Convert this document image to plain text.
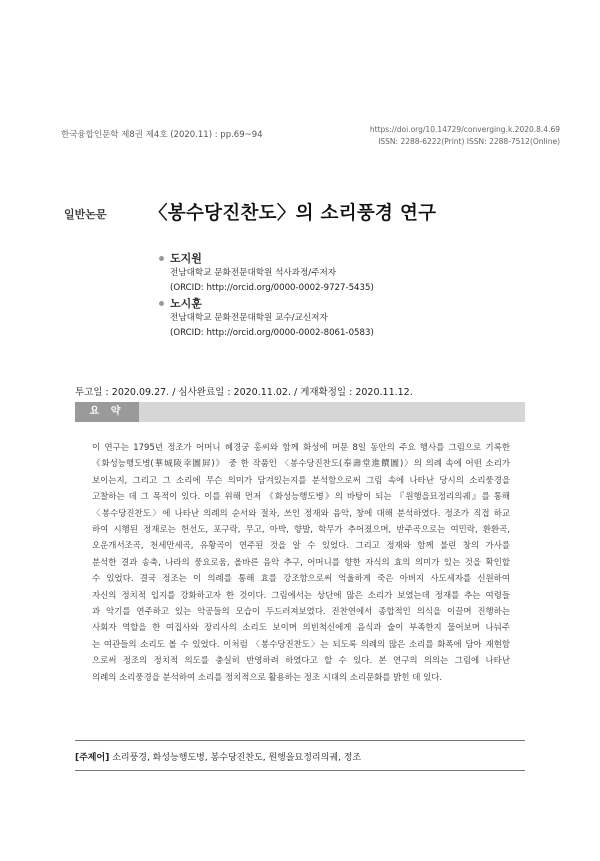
한국융합인문학 제8권 제4호 (2020.11) : pp.69~94
https://doi.org/10.14729/converging.k.2020.8.4.69
ISSN: 2288-6222(Print) ISSN: 2288-7512(Online)
일반논문 〈봉수당진찬도〉의 소리풍경 연구
도지원
전남대학교 문화전문대학원 석사과정/주저자
(ORCID: http://orcid.org/0000-0002-9727-5435)
노시훈
전남대학교 문화전문대학원 교수/교신저자
(ORCID: http://orcid.org/0000-0002-8061-0583)
투고일 : 2020.09.27. / 심사완료일 : 2020.11.02. / 게재확정일 : 2020.11.12.
요 약
이 연구는 1795년 정조가 어머니 혜경궁 홍씨와 함께 화성에 머문 8일 동안의 주요 행사를 그림으로 기록한
《화성능행도병(華城陵幸圖屛)》 중 한 작품인 〈봉수당진찬도(奉壽堂進饌圖)〉의 의례 속에 어떤 소리가
보이는지, 그리고 그 소리에 무슨 의미가 담겨있는지를 분석함으로써 그림 속에 나타난 당시의 소리풍경을
고찰하는 데 그 목적이 있다. 이를 위해 먼저 《화성능행도병》의 바탕이 되는 『원행을묘정리의궤』를 통해
〈봉수당진찬도〉에 나타난 의례의 순서와 절차, 쓰인 정재와 음악, 창에 대해 분석하였다. 정조가 직접 하교
하여 시행된 정재로는 헌선도, 포구락, 무고, 아박, 향발, 학무가 추어졌으며, 반주곡으로는 여민락, 환환곡,
오운개서조곡, 천세만세곡, 유황곡이 연주된 것을 알 수 있었다. 그리고 정재와 함께 불린 창의 가사를
분석한 결과 송축, 나라의 풍요로움, 올바른 음악 추구, 어머니를 향한 자식의 효의 의미가 있는 것을 확인할
수 있었다. 결국 정조는 이 의례를 통해 효를 강조함으로써 억울하게 죽은 아버지 사도세자를 신원하여
자신의 정치적 입지를 강화하고자 한 것이다. 그림에서는 상단에 많은 소리가 보였는데 정재를 추는 여령들
과 악기를 연주하고 있는 악공들의 모습이 두드러져보였다. 진찬연에서 종합적인 의식을 이끌며 진행하는
사회자 역할을 한 여집사와 장리사의 소리도 보이며 의빈척신에게 음식과 술이 부족한지 물어보며 나눠주
는 여관들의 소리도 볼 수 있었다. 이처럼 〈봉수당진찬도〉는 되도록 의례의 많은 소리를 화폭에 담아 재현함
으로써 정조의 정치적 의도를 충실히 반영하려 하였다고 할 수 있다. 본 연구의 의의는 그림에 나타난
의례의 소리풍경을 분석하여 소리를 정치적으로 활용하는 정조 시대의 소리문화를 밝힌 데 있다.
[주제어] 소리풍경, 화성능행도병, 봉수당진찬도, 원행을묘정리의궤, 정조
